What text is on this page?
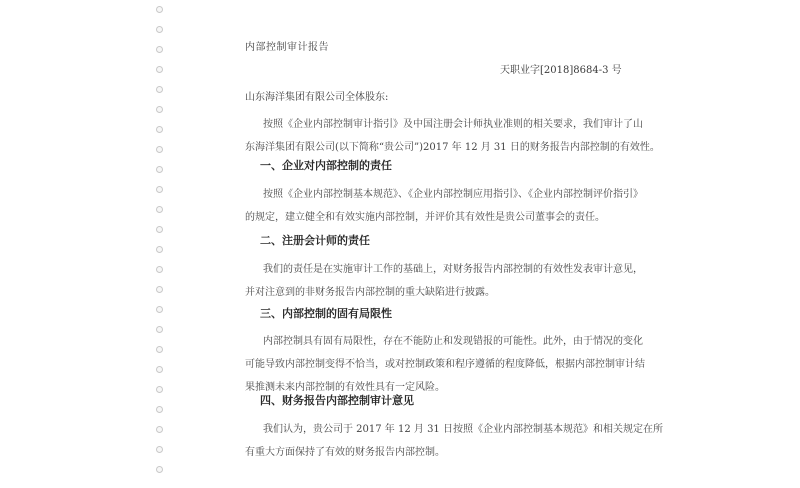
内部控制审计报告
天职业字[2018]8684-3 号
山东海洋集团有限公司全体股东:
按照《企业内部控制审计指引》及中国注册会计师执业准则的相关要求，我们审计了山
东海洋集团有限公司(以下简称“贵公司”)2017 年 12 月 31 日的财务报告内部控制的有效性。
一、企业对内部控制的责任
按照《企业内部控制基本规范》、《企业内部控制应用指引》、《企业内部控制评价指引》
的规定，建立健全和有效实施内部控制，并评价其有效性是贵公司董事会的责任。
二、注册会计师的责任
我们的责任是在实施审计工作的基础上，对财务报告内部控制的有效性发表审计意见，
并对注意到的非财务报告内部控制的重大缺陷进行披露。
三、内部控制的固有局限性
内部控制具有固有局限性，存在不能防止和发现错报的可能性。此外，由于情况的变化
可能导致内部控制变得不恰当，或对控制政策和程序遵循的程度降低，根据内部控制审计结
果推测未来内部控制的有效性具有一定风险。
四、财务报告内部控制审计意见
我们认为，贵公司于 2017 年 12 月 31 日按照《企业内部控制基本规范》和相关规定在所
有重大方面保持了有效的财务报告内部控制。
